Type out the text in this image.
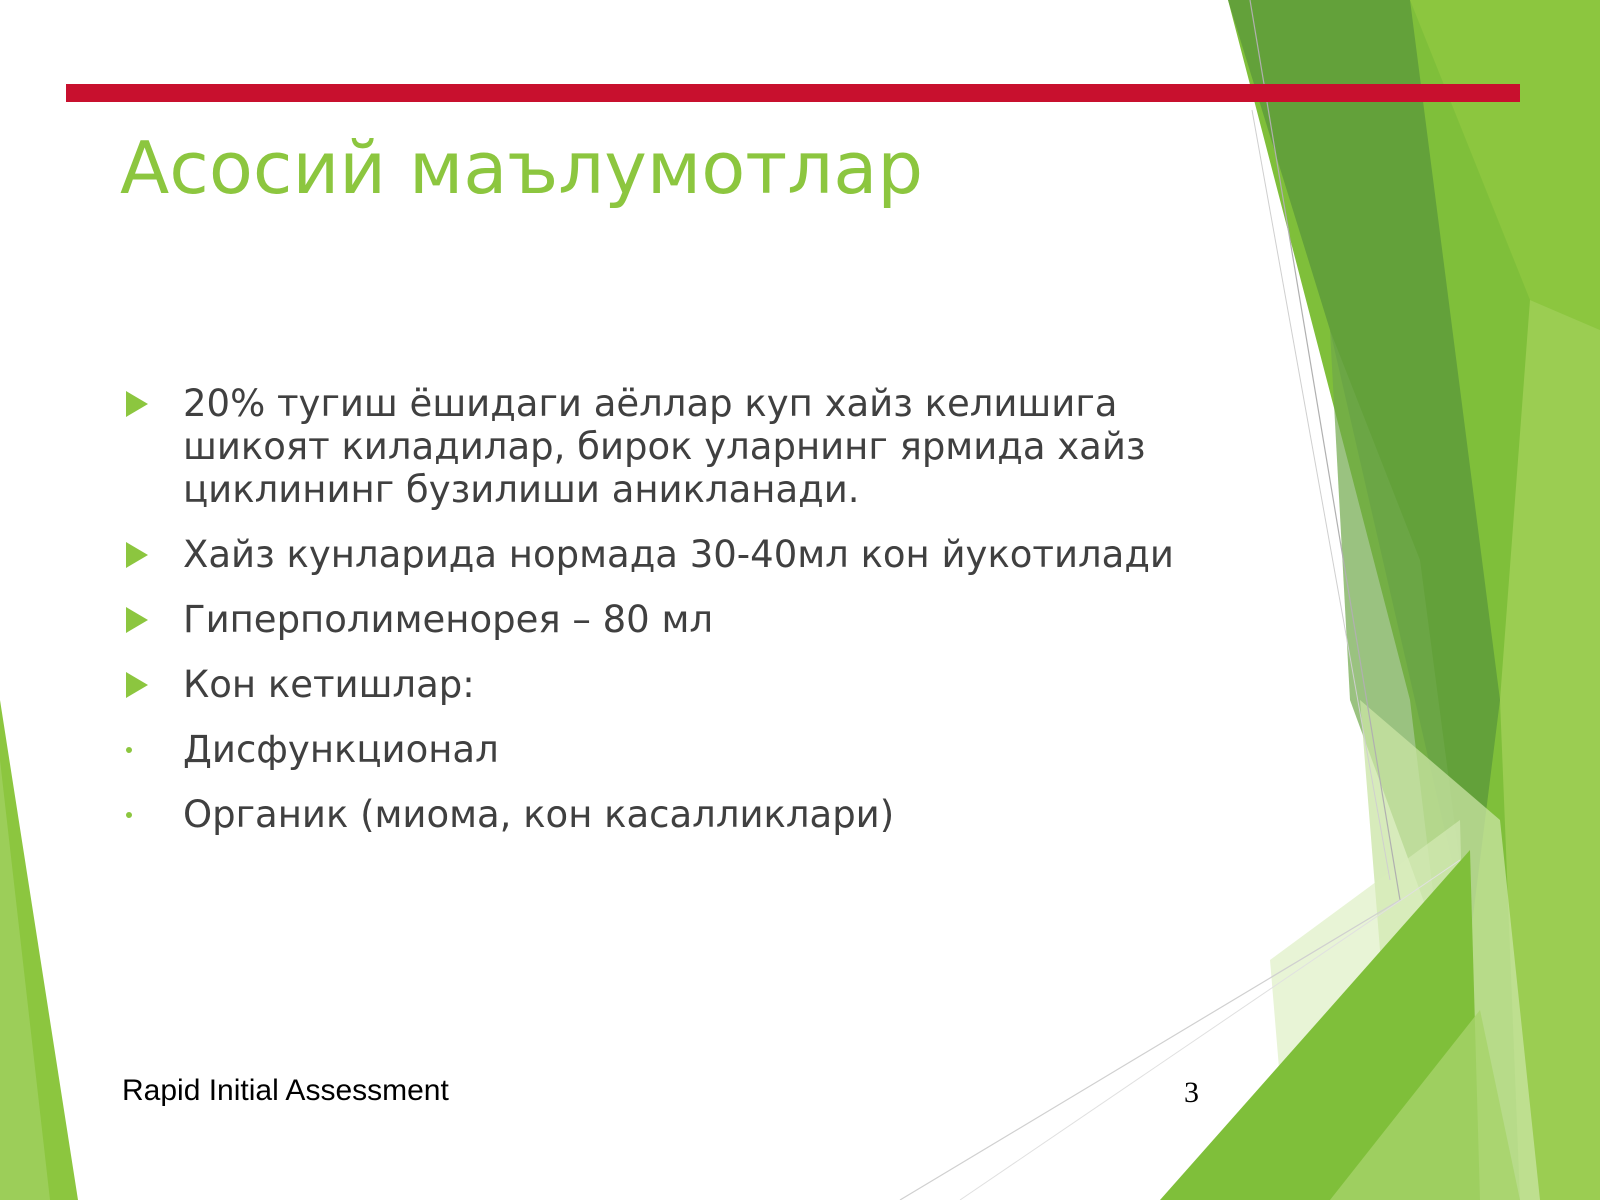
Асосий маълумотлар
20% тугиш ёшидаги аёллар куп хайз келишига шикоят киладилар, бирок уларнинг ярмида хайз циклининг бузилиши аникланади.
Хайз кунларида нормада 30-40мл кон йукотилади
Гиперполименорея – 80 мл
Кон кетишлар:
Дисфункционал
Органик (миома, кон касалликлари)
Rapid Initial Assessment	3
